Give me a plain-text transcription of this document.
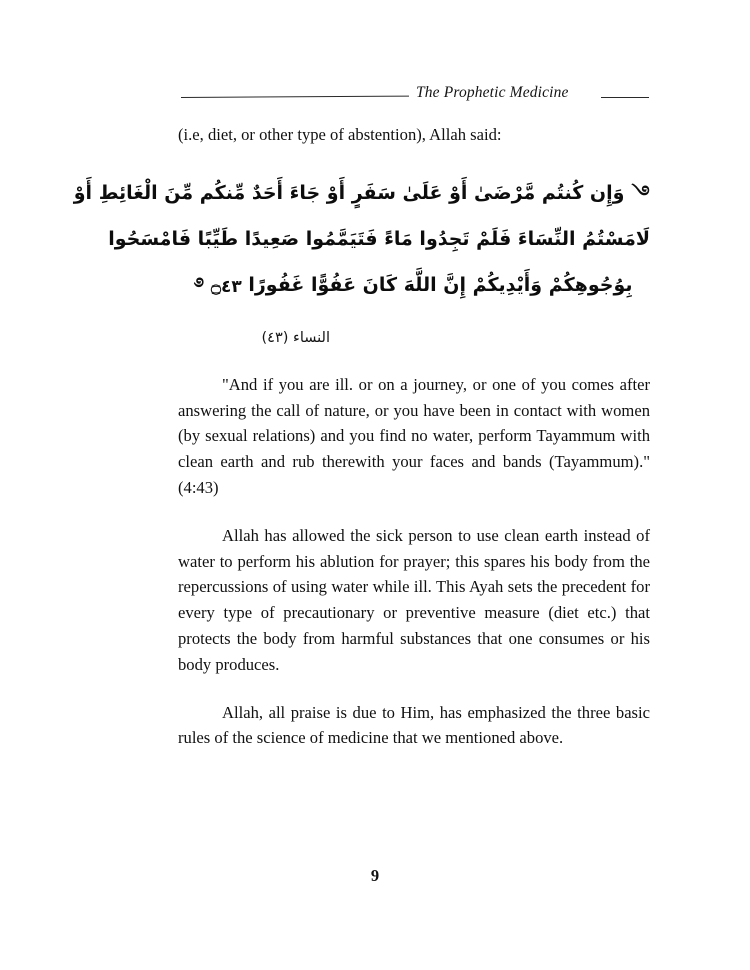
The Prophetic Medicine

(i.e, diet, or other type of abstention), Allah said:

࿓ وَإِن كُنتُم مَّرْضَىٰ أَوْ عَلَىٰ سَفَرٍ أَوْ جَاءَ أَحَدٌ مِّنكُم مِّنَ الْغَائِطِ أَوْ
لَامَسْتُمُ النِّسَاءَ فَلَمْ تَجِدُوا مَاءً فَتَيَمَّمُوا صَعِيدًا طَيِّبًا فَامْسَحُوا
بِوُجُوهِكُمْ وَأَيْدِيكُمْ إِنَّ اللَّهَ كَانَ عَفُوًّا غَفُورًا ۝٤٣ ࿔
النساء (٤٣)

"And if you are ill. or on a journey, or one of you comes after answering the call of nature, or you have been in contact with women (by sexual relations) and you find no water, perform Tayammum with clean earth and rub therewith your faces and bands (Tayammum)." (4:43)

Allah has allowed the sick person to use clean earth instead of water to perform his ablution for prayer; this spares his body from the repercussions of using water while ill. This Ayah sets the precedent for every type of precautionary or preventive measure (diet etc.) that protects the body from harmful substances that one consumes or his body produces.

Allah, all praise is due to Him, has emphasized the three basic rules of the science of medicine that we mentioned above.

9
